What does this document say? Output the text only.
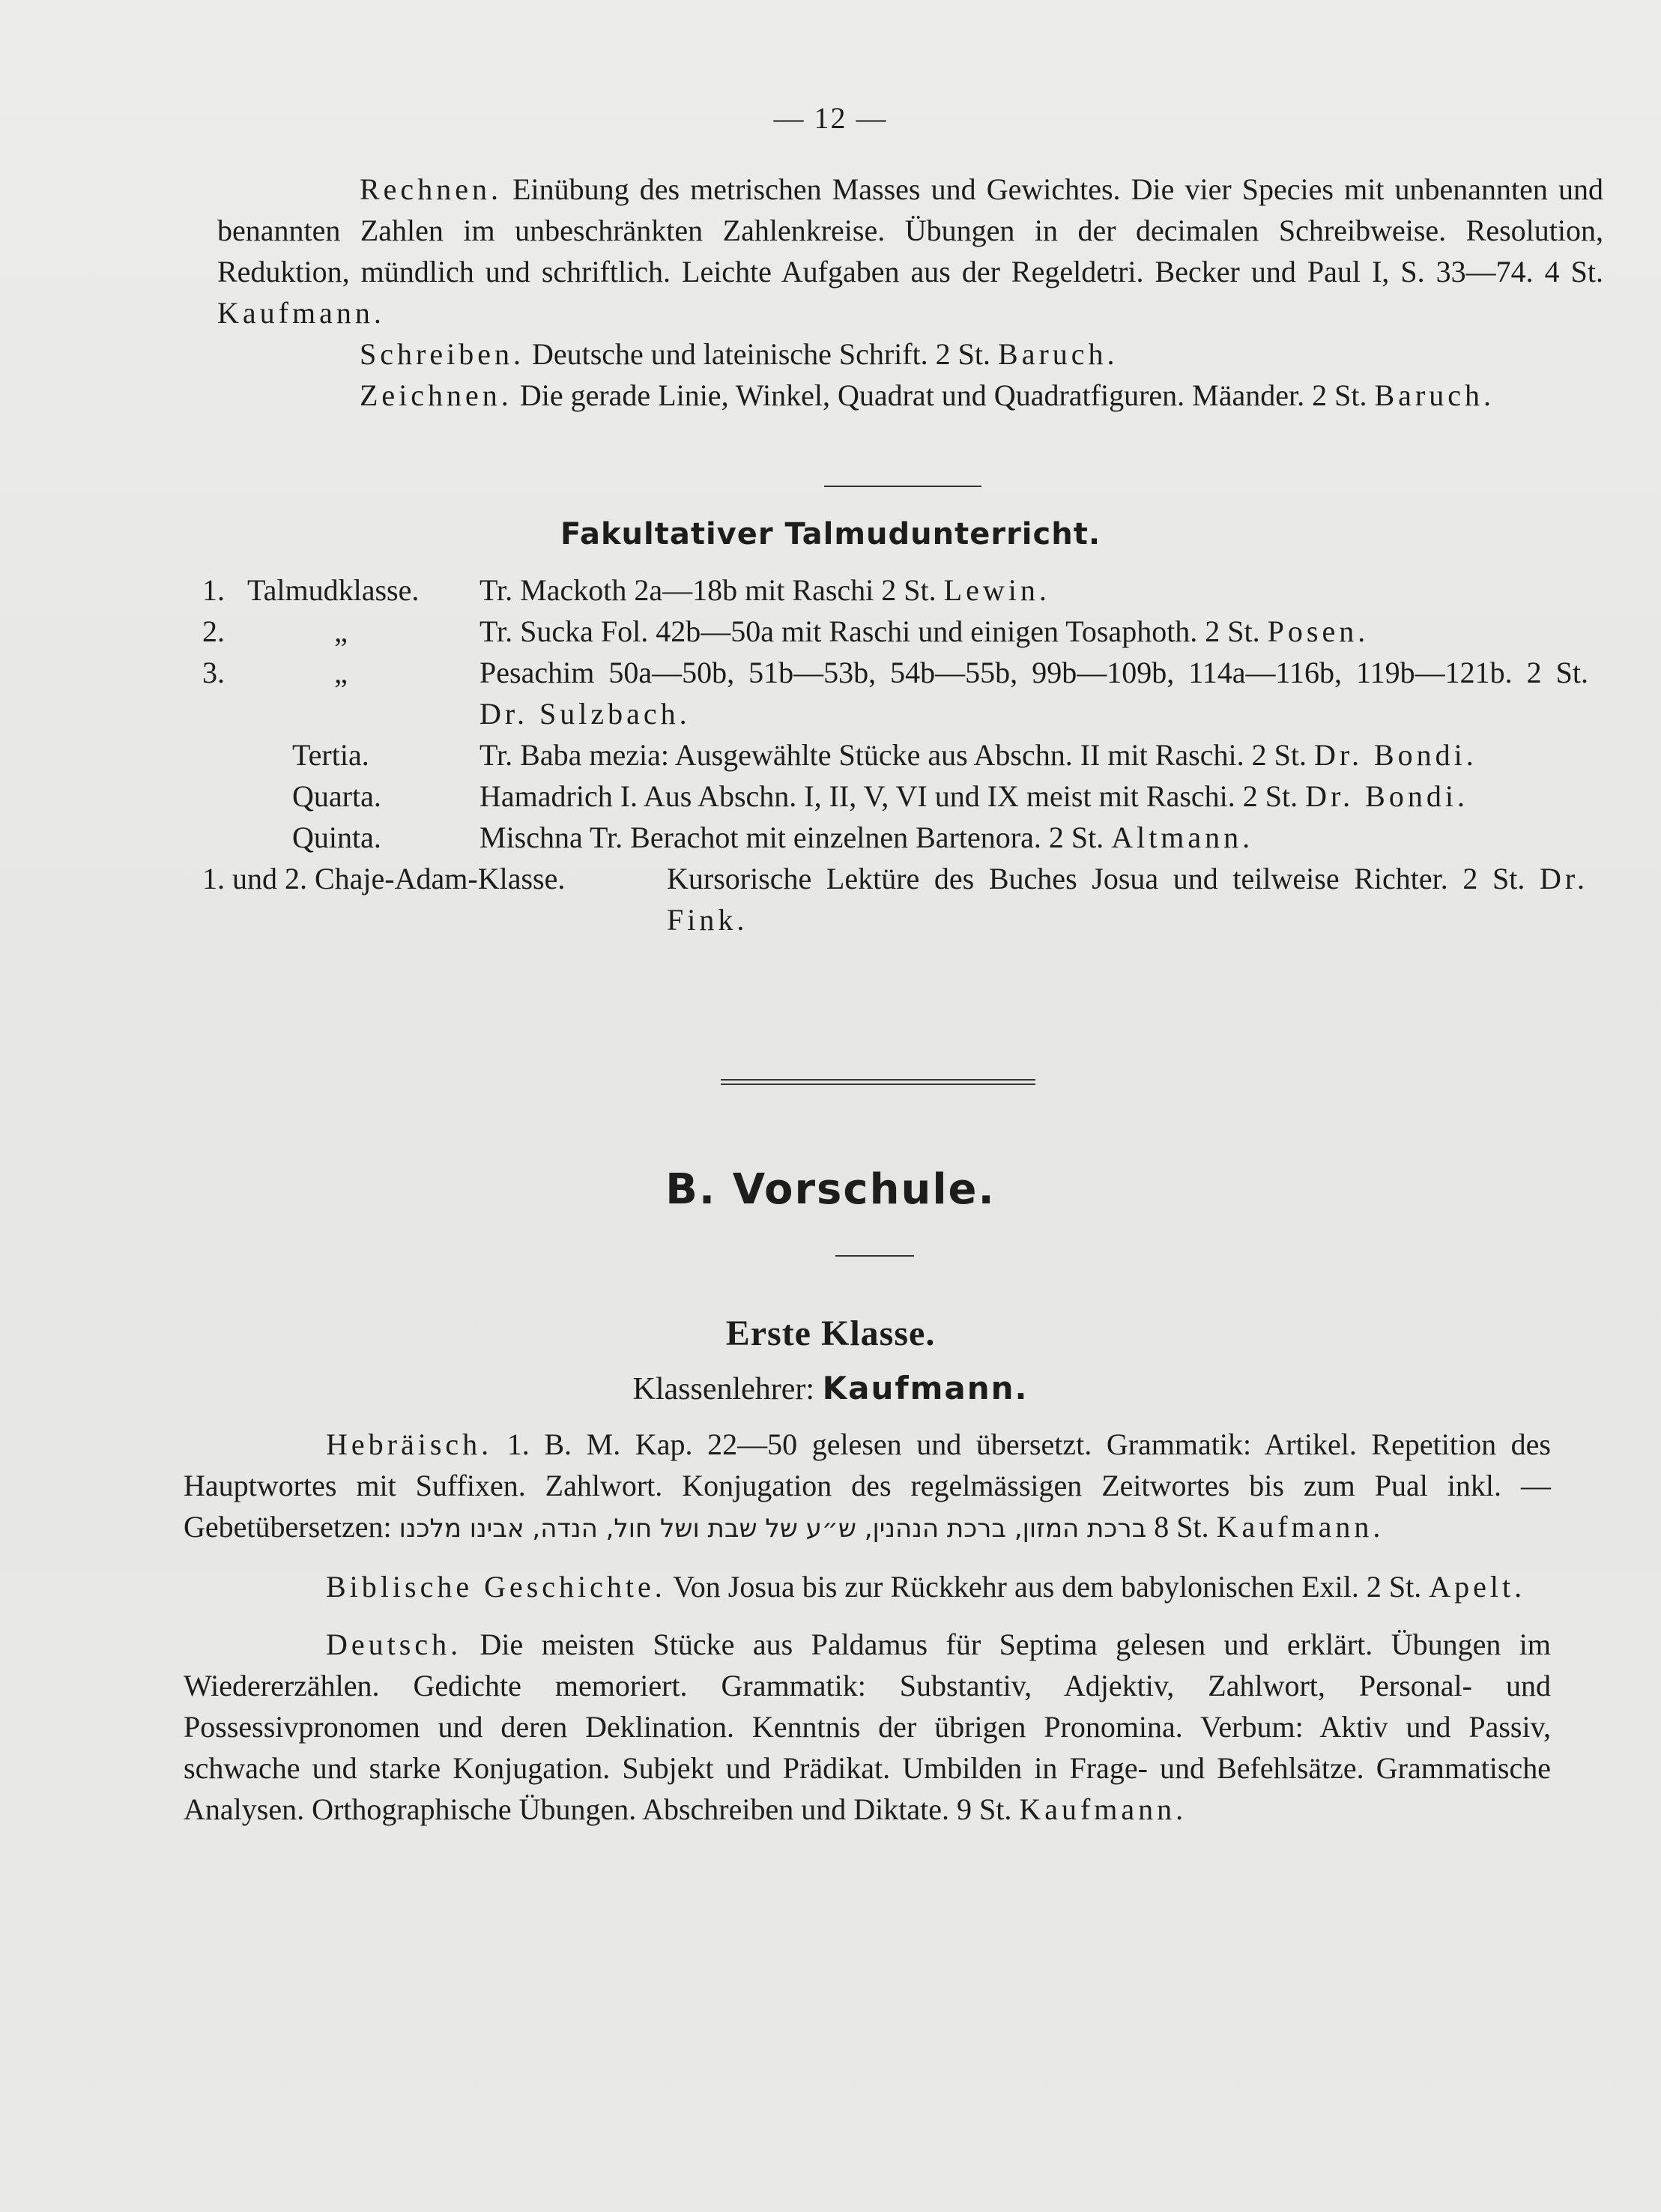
— 12 —

Rechnen. Einübung des metrischen Masses und Gewichtes. Die vier Species mit unbenannten und benannten Zahlen im unbeschränkten Zahlenkreise. Übungen in der decimalen Schreibweise. Resolution, Reduktion, mündlich und schriftlich. Leichte Aufgaben aus der Regeldetri. Becker und Paul I, S. 33—74. 4 St. Kaufmann.

Schreiben. Deutsche und lateinische Schrift. 2 St. Baruch.

Zeichnen. Die gerade Linie, Winkel, Quadrat und Quadratfiguren. Mäander. 2 St. Baruch.

Fakultativer Talmudunterricht.
1. Talmudklasse.	Tr. Mackoth 2a—18b mit Raschi 2 St. Lewin.
2.	„	Tr. Sucka Fol. 42b—50a mit Raschi und einigen Tosaphoth. 2 St. Posen.
3.	„	Pesachim 50a—50b, 51b—53b, 54b—55b, 99b—109b, 114a—116b, 119b—121b. 2 St. Dr. Sulzbach.
Tertia.	Tr. Baba mezia: Ausgewählte Stücke aus Abschn. II mit Raschi. 2 St. Dr. Bondi.
Quarta.	Hamadrich I. Aus Abschn. I, II, V, VI und IX meist mit Raschi. 2 St. Dr. Bondi.
Quinta.	Mischna Tr. Berachot mit einzelnen Bartenora. 2 St. Altmann.
1. und 2. Chaje-Adam-Klasse.	Kursorische Lektüre des Buches Josua und teilweise Richter. 2 St. Dr. Fink.
B. Vorschule.
Erste Klasse.
Klassenlehrer: Kaufmann.

Hebräisch. 1. B. M. Kap. 22—50 gelesen und übersetzt. Grammatik: Artikel. Repetition des Hauptwortes mit Suffixen. Zahlwort. Konjugation des regelmässigen Zeitwortes bis zum Pual inkl. — Gebetübersetzen: ברכת המזון, ברכת הנהנין, ש״ע של שבת ושל חול, הנדה, אבינו מלכנו 8 St. Kaufmann.

Biblische Geschichte. Von Josua bis zur Rückkehr aus dem babylonischen Exil. 2 St. Apelt.

Deutsch. Die meisten Stücke aus Paldamus für Septima gelesen und erklärt. Übungen im Wiedererzählen. Gedichte memoriert. Grammatik: Substantiv, Adjektiv, Zahlwort, Personal- und Possessivpronomen und deren Deklination. Kenntnis der übrigen Pronomina. Verbum: Aktiv und Passiv, schwache und starke Konjugation. Subjekt und Prädikat. Umbilden in Frage- und Befehlsätze. Grammatische Analysen. Orthographische Übungen. Abschreiben und Diktate. 9 St. Kaufmann.
